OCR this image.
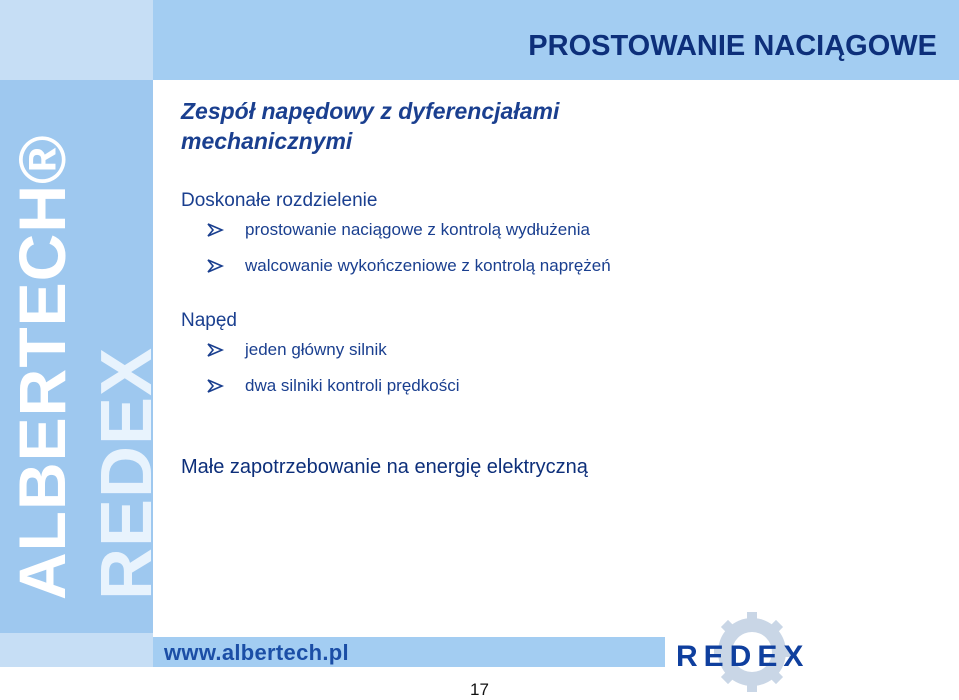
ALBERTECH® REDEX
PROSTOWANIE NACIĄGOWE

Zespół napędowy z dyferencjałami mechanicznymi

Doskonałe rozdzielenie

prostowanie naciągowe z kontrolą wydłużenia
walcowanie wykończeniowe z kontrolą naprężeń

Napęd

jeden główny silnik
dwa silniki kontroli prędkości

Małe zapotrzebowanie na energię elektryczną

www.albertech.pl	REDEX
17
